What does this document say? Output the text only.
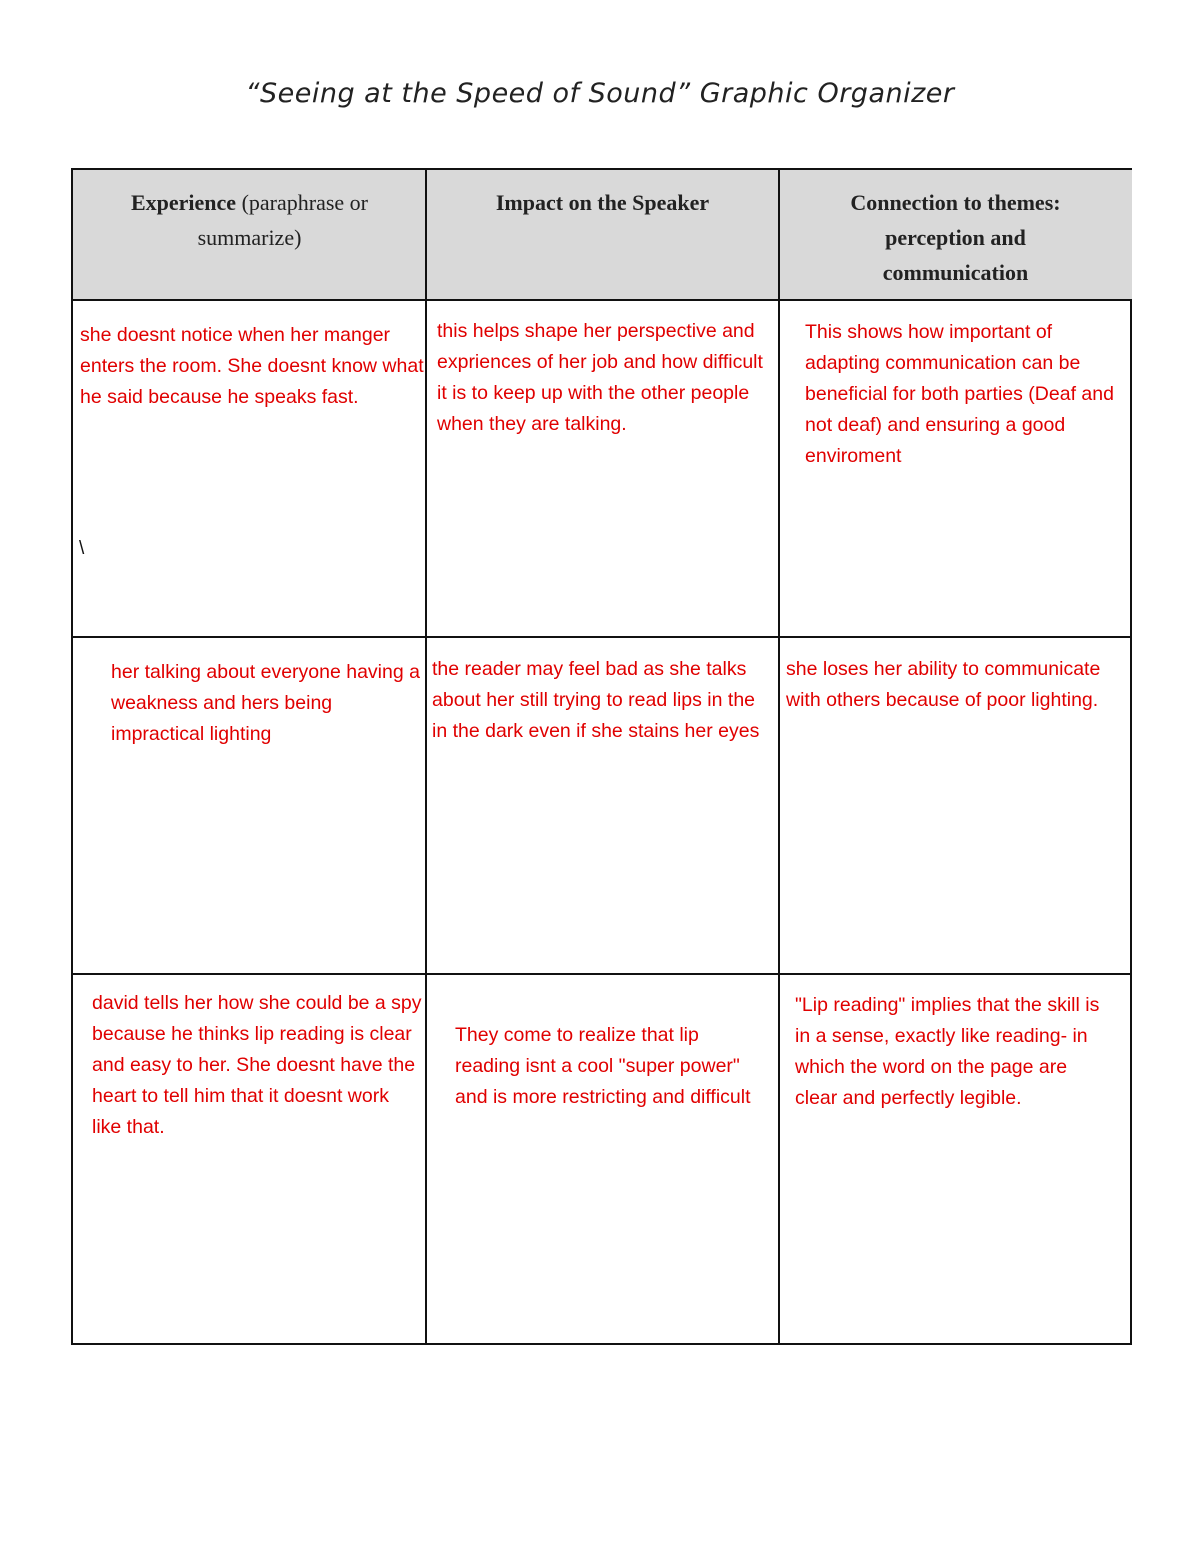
“Seeing at the Speed of Sound” Graphic Organizer
Experience (paraphrase or summarize)
Impact on the Speaker	Connection to themes: perception and communication
she doesnt notice when her manger enters the room. She doesnt know what he said because he speaks fast.
\
this helps shape her perspective and expriences of her job and how difficult it is to keep up with the other people when they are talking.
This shows how important of adapting communication can be beneficial for both parties (Deaf and not deaf) and ensuring a good enviroment
her talking about everyone having a weakness and hers being impractical lighting
the reader may feel bad as she talks about her still trying to read lips in the in the dark even if she stains her eyes
she loses her ability to communicate with others because of poor lighting.
david tells her how she could be a spy because he thinks lip reading is clear and easy to her. She doesnt have the heart to tell him that it doesnt work like that.
They come to realize that lip reading isnt a cool "super power" and is more restricting and difficult
"Lip reading" implies that the skill is in a sense, exactly like reading- in which the word on the page are clear and perfectly legible.
